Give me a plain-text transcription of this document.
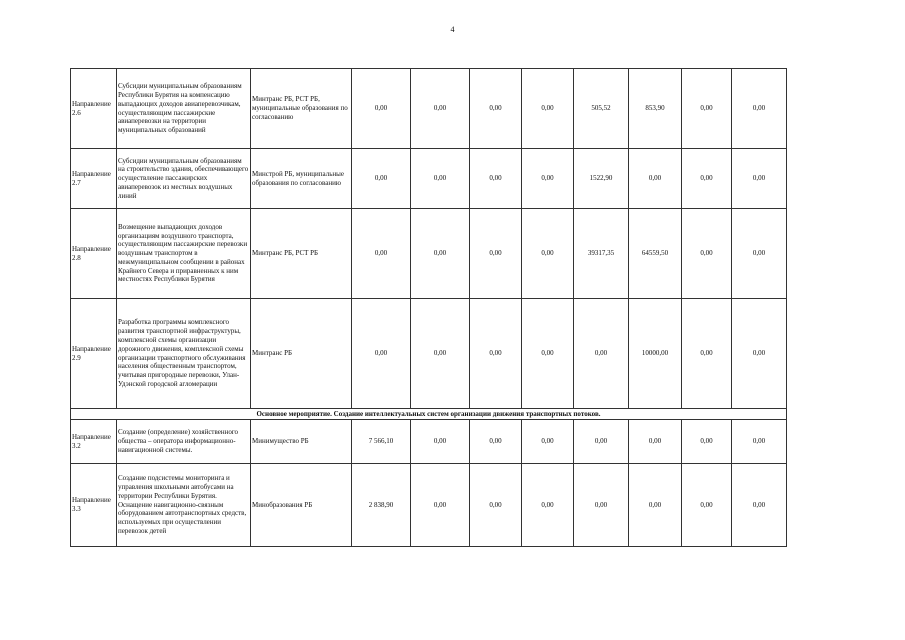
4
Направление 2.6	Субсидии муниципальным образованиям Республики Бурятия на компенсацию выпадающих доходов авиаперевозчикам, осуществляющим пассажирские авиаперевозки на территории муниципальных образований	Минтранс РБ, РСТ РБ, муниципальные образования по согласованию	0,00	0,00	0,00	0,00	505,52	853,90	0,00	0,00	
Направление 2.7	Субсидии муниципальным образованиям на строительство здания, обеспечивающего осуществление пассажирских авиаперевозок из местных воздушных линий	Минстрой РБ, муниципальные образования по согласованию	0,00	0,00	0,00	0,00	1522,90	0,00	0,00	0,00	
Направление 2.8	Возмещение выпадающих доходов организациям воздушного транспорта, осуществляющим пассажирские перевозки воздушным транспортом в межмуниципальном сообщении в районах Крайнего Севера и приравненных к ним местностях Республики Бурятия	Минтранс РБ, РСТ РБ	0,00	0,00	0,00	0,00	39317,35	64559,50	0,00	0,00	
Направление 2.9	Разработка программы комплексного развития транспортной инфраструктуры, комплексной схемы организации дорожного движения, комплексной схемы организации транспортного обслуживания населения общественным транспортом, учитывая пригородные перевозки, Улан-Удэнской городской агломерации	Минтранс РБ	0,00	0,00	0,00	0,00	0,00	10000,00	0,00	0,00	
Основное мероприятие. Создание интеллектуальных систем организации движения транспортных потоков.											
Направление 3.2	Создание (определение) хозяйственного общества – оператора информационно-навигационной системы.	Минимущество РБ	7 566,10	0,00	0,00	0,00	0,00	0,00	0,00	0,00	
Направление 3.3	Создание подсистемы мониторинга и управления школьными автобусами на территории Республики Бурятия. Оснащение навигационно-связным оборудованием автотранспортных средств, используемых при осуществлении перевозок детей	Минобразования РБ	2 838,90	0,00	0,00	0,00	0,00	0,00	0,00	0,00	
